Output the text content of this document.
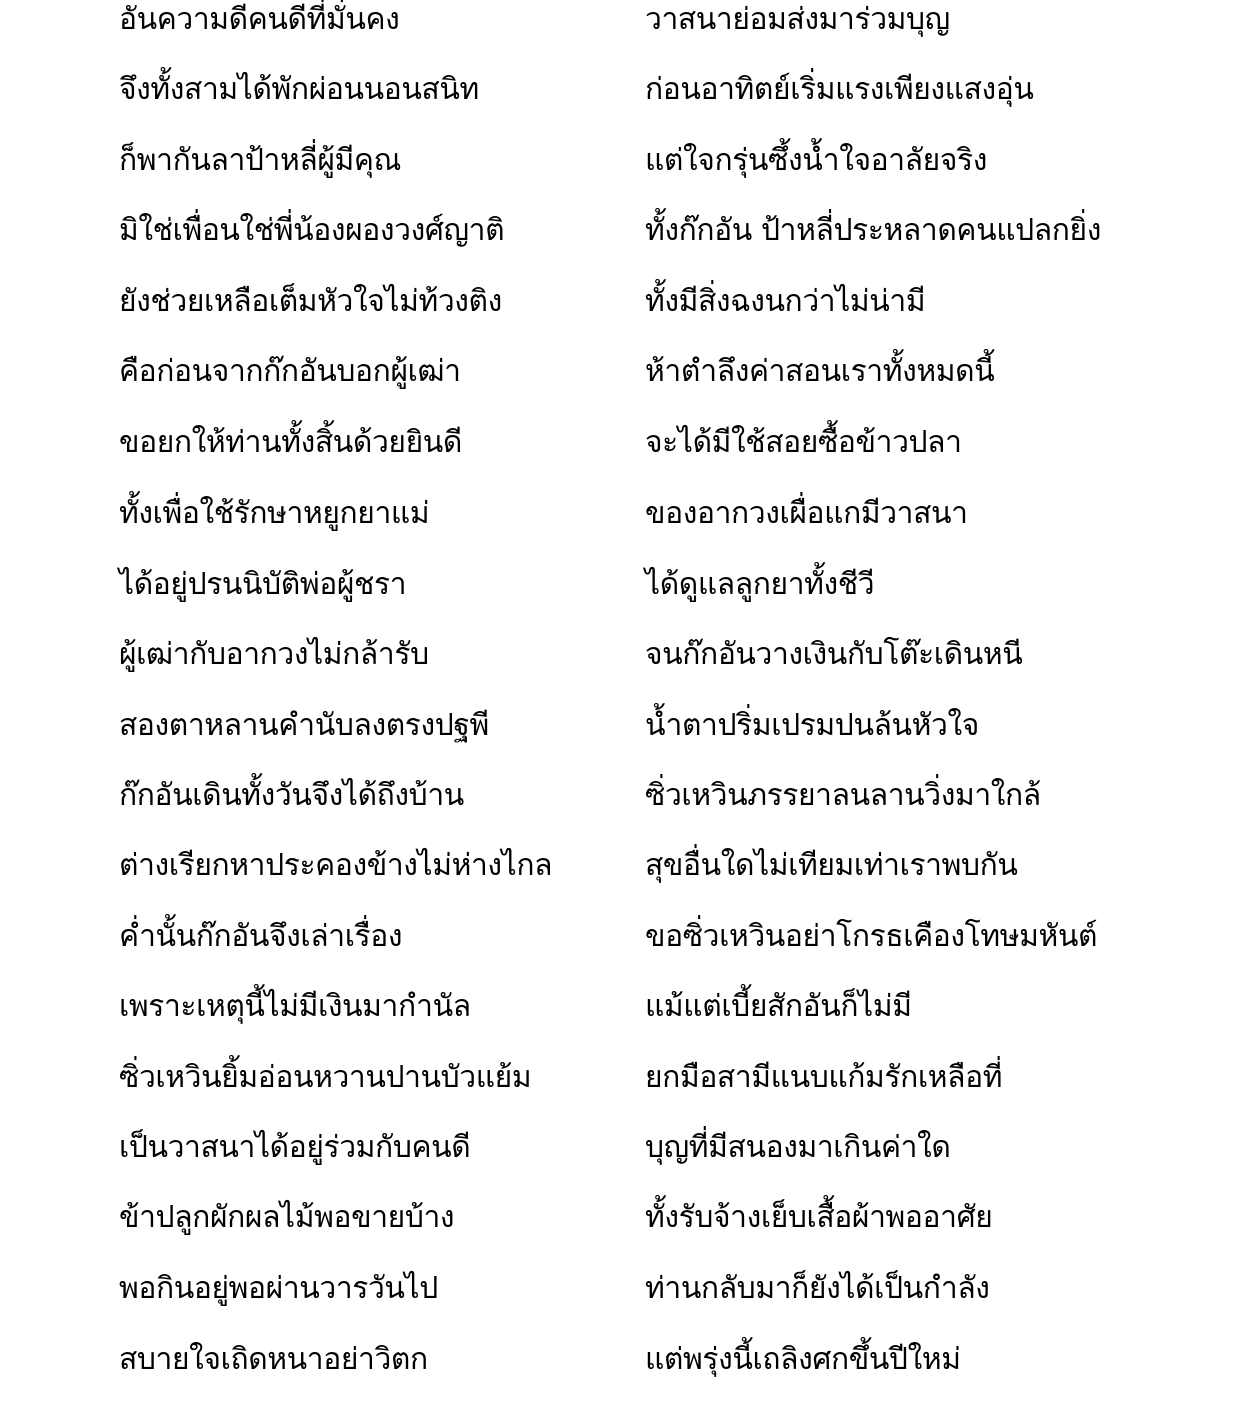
อันความดีคนดีที่มั่นคง	วาสนาย่อมส่งมาร่วมบุญ
จึงทั้งสามได้พักผ่อนนอนสนิท	ก่อนอาทิตย์เริ่มแรงเพียงแสงอุ่น
ก็พากันลาป้าหลี่ผู้มีคุณ	แต่ใจกรุ่นซึ้งน้ำใจอาลัยจริง
มิใช่เพื่อนใช่พี่น้องผองวงศ์ญาติ	ทั้งก๊กอัน ป้าหลี่ประหลาดคนแปลกยิ่ง
ยังช่วยเหลือเต็มหัวใจไม่ท้วงติง	ทั้งมีสิ่งฉงนกว่าไม่น่ามี
คือก่อนจากก๊กอันบอกผู้เฒ่า	ห้าตำลึงค่าสอนเราทั้งหมดนี้
ขอยกให้ท่านทั้งสิ้นด้วยยินดี	จะได้มีใช้สอยซื้อข้าวปลา
ทั้งเพื่อใช้รักษาหยูกยาแม่	ของอากวงเผื่อแกมีวาสนา
ได้อยู่ปรนนิบัติพ่อผู้ชรา	ได้ดูแลลูกยาทั้งชีวี
ผู้เฒ่ากับอากวงไม่กล้ารับ	จนก๊กอันวางเงินกับโต๊ะเดินหนี
สองตาหลานคำนับลงตรงปฐพี	น้ำตาปริ่มเปรมปนล้นหัวใจ
ก๊กอันเดินทั้งวันจึงได้ถึงบ้าน	ซิ่วเหวินภรรยาลนลานวิ่งมาใกล้
ต่างเรียกหาประคองข้างไม่ห่างไกล	สุขอื่นใดไม่เทียมเท่าเราพบกัน
ค่ำนั้นก๊กอันจึงเล่าเรื่อง	ขอซิ่วเหวินอย่าโกรธเคืองโทษมหันต์
เพราะเหตุนี้ไม่มีเงินมากำนัล	แม้แต่เบี้ยสักอันก็ไม่มี
ซิ่วเหวินยิ้มอ่อนหวานปานบัวแย้ม	ยกมือสามีแนบแก้มรักเหลือที่
เป็นวาสนาได้อยู่ร่วมกับคนดี	บุญที่มีสนองมาเกินค่าใด
ข้าปลูกผักผลไม้พอขายบ้าง	ทั้งรับจ้างเย็บเสื้อผ้าพออาศัย
พอกินอยู่พอผ่านวารวันไป	ท่านกลับมาก็ยังได้เป็นกำลัง
สบายใจเถิดหนาอย่าวิตก	แต่พรุ่งนี้เถลิงศกขึ้นปีใหม่
